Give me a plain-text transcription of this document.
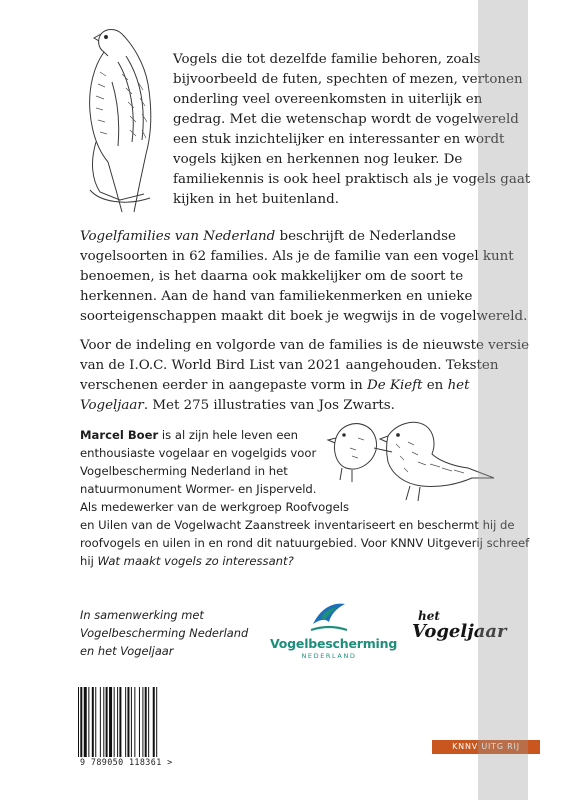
Vogels die tot dezelfde familie behoren, zoals bijvoorbeeld de futen, spechten of mezen, vertonen onderling veel overeenkomsten in uiterlijk en gedrag. Met die wetenschap wordt de vogelwereld een stuk inzichtelijker en interessanter en wordt vogels kijken en herkennen nog leuker. De familiekennis is ook heel praktisch als je vogels gaat kijken in het buitenland.

Vogelfamilies van Nederland beschrijft de Nederlandse vogelsoorten in 62 families. Als je de familie van een vogel kunt benoemen, is het daarna ook makkelijker om de soort te herkennen. Aan de hand van familiekenmerken en unieke soorteigenschappen maakt dit boek je wegwijs in de vogelwereld.

Voor de indeling en volgorde van de families is de nieuwste versie van de I.O.C. World Bird List van 2021 aangehouden. Teksten verschenen eerder in aangepaste vorm in De Kieft en het Vogeljaar. Met 275 illustraties van Jos Zwarts.

Marcel Boer is al zijn hele leven een
enthousiaste vogelaar en vogelgids voor
Vogelbescherming Nederland in het
natuurmonument Wormer- en Jisperveld.
Als medewerker van de werkgroep Roofvogels
en Uilen van de Vogelwacht Zaanstreek inventariseert en beschermt hij de
roofvogels en uilen in en rond dit natuurgebied. Voor KNNV Uitgeverij schreef
hij Wat maakt vogels zo interessant?
In samenwerking met
Vogelbescherming Nederland
en het Vogeljaar	Vogelbescherming
NEDERLAND
het
Vogeljaar
9 789050 118361 >
KNNV UITG RIJ
